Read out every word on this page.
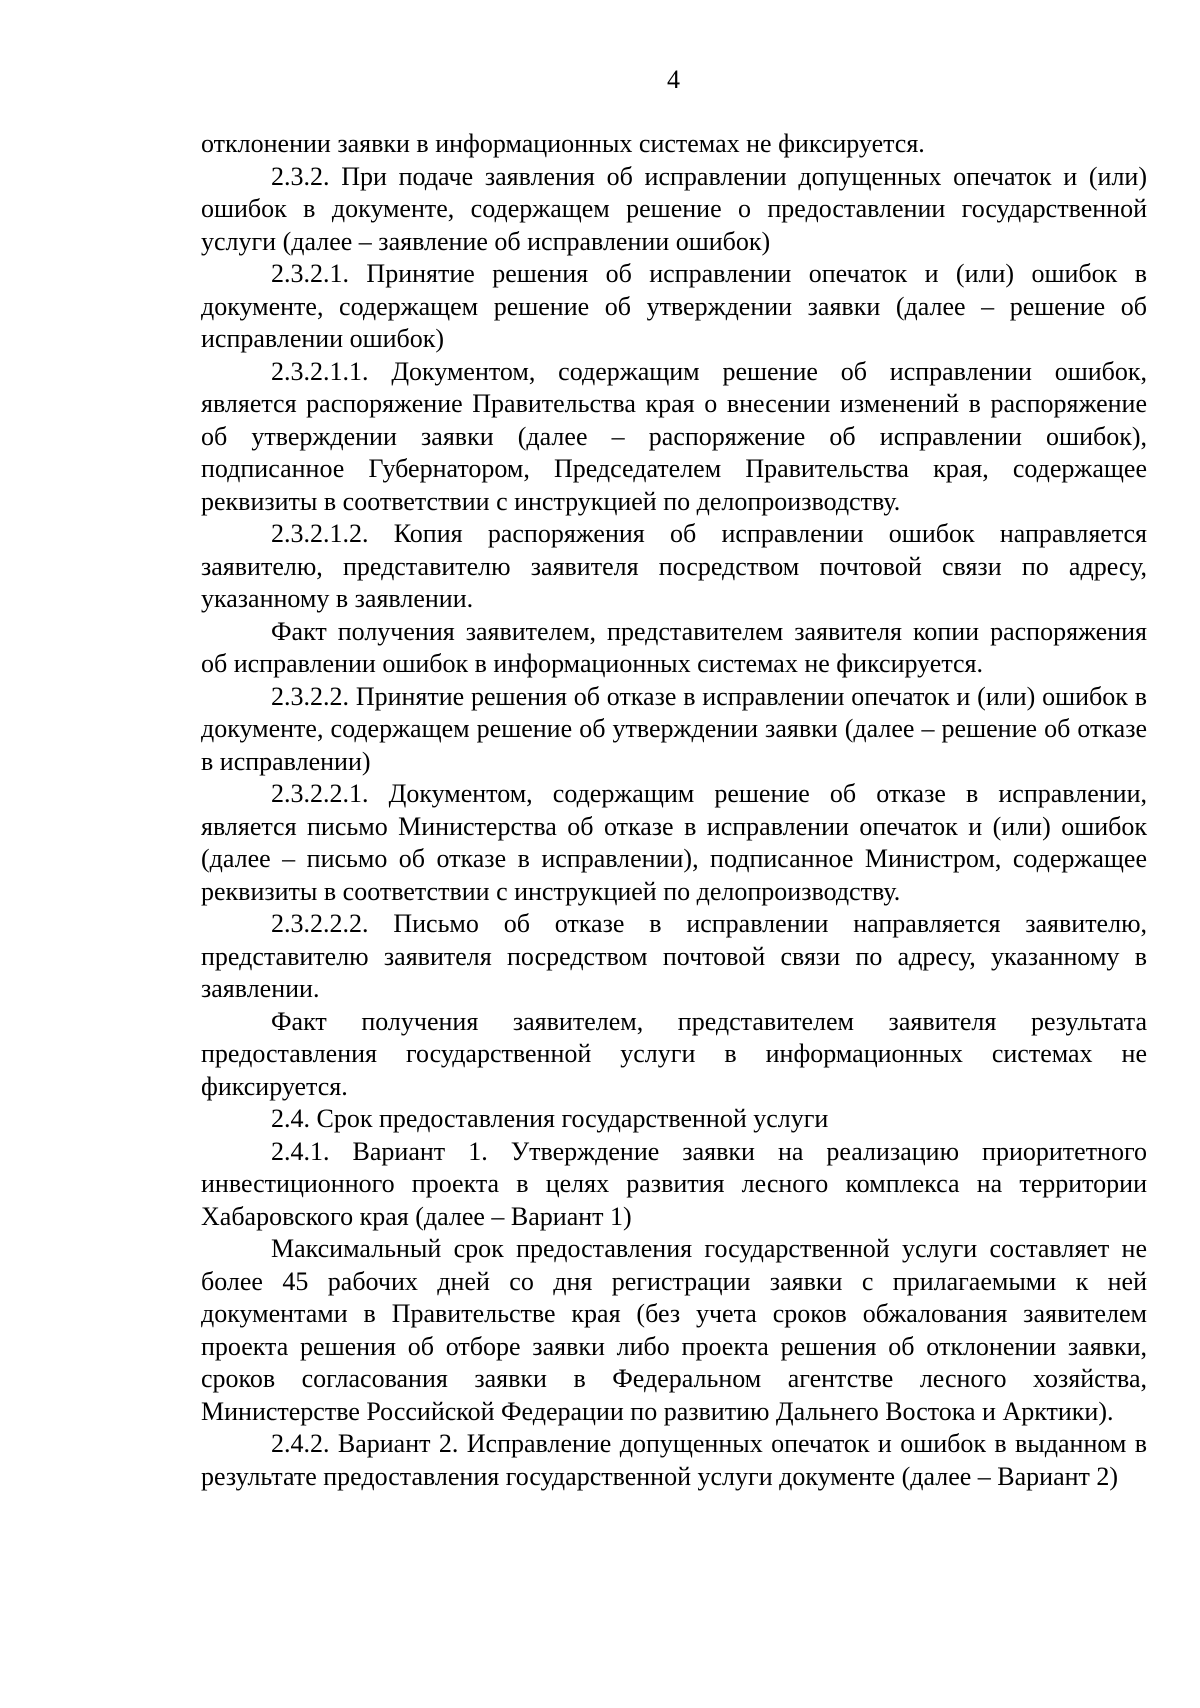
4

отклонении заявки в информационных системах не фиксируется.

2.3.2. При подаче заявления об исправлении допущенных опечаток и (или) ошибок в документе, содержащем решение о предоставлении государственной услуги (далее – заявление об исправлении ошибок)

2.3.2.1. Принятие решения об исправлении опечаток и (или) ошибок в документе, содержащем решение об утверждении заявки (далее – решение об исправлении ошибок)

2.3.2.1.1. Документом, содержащим решение об исправлении ошибок, является распоряжение Правительства края о внесении изменений в распоряжение об утверждении заявки (далее – распоряжение об исправлении ошибок), подписанное Губернатором, Председателем Правительства края, содержащее реквизиты в соответствии с инструкцией по делопроизводству.

2.3.2.1.2. Копия распоряжения об исправлении ошибок направляется заявителю, представителю заявителя посредством почтовой связи по адресу, указанному в заявлении.

Факт получения заявителем, представителем заявителя копии распоряжения об исправлении ошибок в информационных системах не фиксируется.

2.3.2.2. Принятие решения об отказе в исправлении опечаток и (или) ошибок в документе, содержащем решение об утверждении заявки (далее – решение об отказе в исправлении)

2.3.2.2.1. Документом, содержащим решение об отказе в исправлении, является письмо Министерства об отказе в исправлении опечаток и (или) ошибок (далее – письмо об отказе в исправлении), подписанное Министром, содержащее реквизиты в соответствии с инструкцией по делопроизводству.

2.3.2.2.2. Письмо об отказе в исправлении направляется заявителю, представителю заявителя посредством почтовой связи по адресу, указанному в заявлении.

Факт получения заявителем, представителем заявителя результата предоставления государственной услуги в информационных системах не фиксируется.

2.4. Срок предоставления государственной услуги

2.4.1. Вариант 1. Утверждение заявки на реализацию приоритетного инвестиционного проекта в целях развития лесного комплекса на территории Хабаровского края (далее – Вариант 1)

Максимальный срок предоставления государственной услуги составляет не более 45 рабочих дней со дня регистрации заявки с прилагаемыми к ней документами в Правительстве края (без учета сроков обжалования заявителем проекта решения об отборе заявки либо проекта решения об отклонении заявки, сроков согласования заявки в Федеральном агентстве лесного хозяйства, Министерстве Российской Федерации по развитию Дальнего Востока и Арктики).

2.4.2. Вариант 2. Исправление допущенных опечаток и ошибок в выданном в результате предоставления государственной услуги документе (далее – Вариант 2)
